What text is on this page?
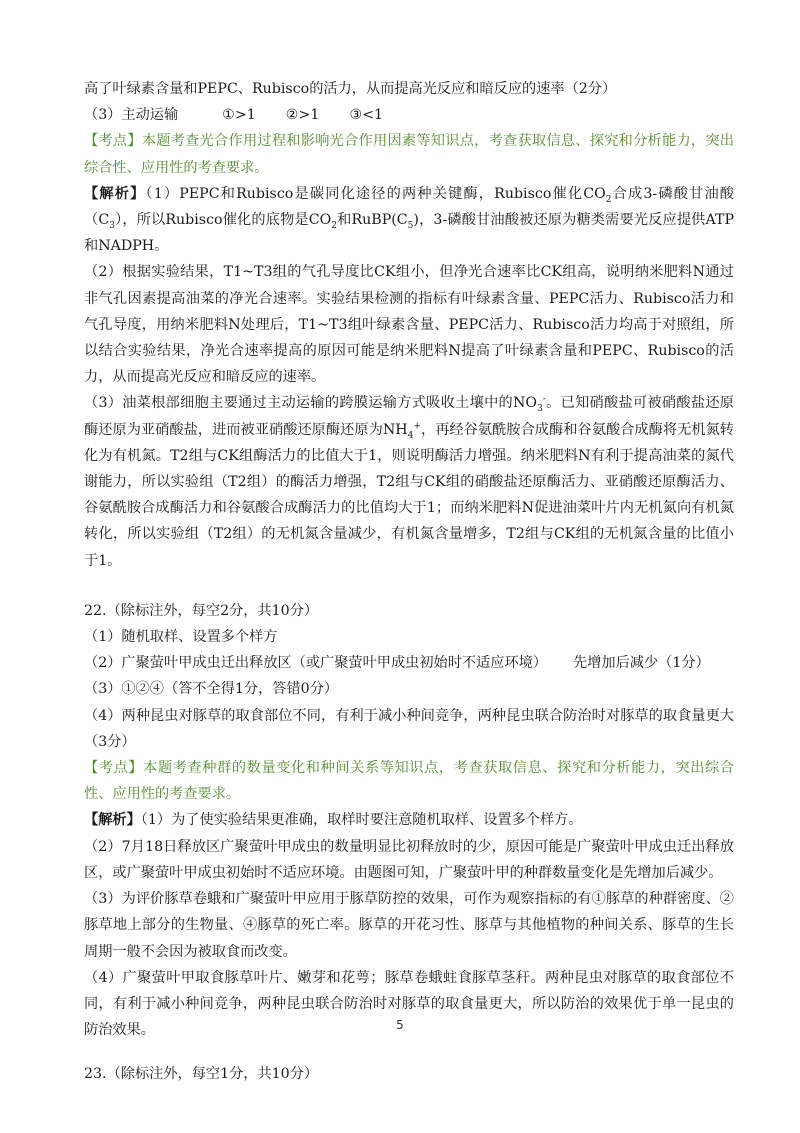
高了叶绿素含量和PEPC、Rubisco的活力，从而提高光反应和暗反应的速率（2分）

（3）主动运输	①>1 ②>1 ③<1

【考点】本题考查光合作用过程和影响光合作用因素等知识点，考查获取信息、探究和分析能力，突出综合性、应用性的考查要求。

【解析】（1）PEPC和Rubisco是碳同化途径的两种关键酶，Rubisco催化$CO_2$合成3-磷酸甘油酸$(C_3)$，所以Rubisco催化的底物是$CO_2$和$RuBP(C_5)$，3-磷酸甘油酸被还原为糖类需要光反应提供ATP和NADPH。

（2）根据实验结果，T1~T3组的气孔导度比CK组小，但净光合速率比CK组高，说明纳米肥料N通过非气孔因素提高油菜的净光合速率。实验结果检测的指标有叶绿素含量、PEPC活力、Rubisco活力和气孔导度，用纳米肥料N处理后，T1~T3组叶绿素含量、PEPC活力、Rubisco活力均高于对照组，所以结合实验结果，净光合速率提高的原因可能是纳米肥料N提高了叶绿素含量和PEPC、Rubisco的活力，从而提高光反应和暗反应的速率。

（3）油菜根部细胞主要通过主动运输的跨膜运输方式吸收土壤中的$NO_3^-$。已知硝酸盐可被硝酸盐还原酶还原为亚硝酸盐，进而被亚硝酸还原酶还原为$NH_4^+$，再经谷氨酰胺合成酶和谷氨酸合成酶将无机氮转化为有机氮。T2组与CK组酶活力的比值大于1，则说明酶活力增强。纳米肥料N有利于提高油菜的氮代谢能力，所以实验组（T2组）的酶活力增强，T2组与CK组的硝酸盐还原酶活力、亚硝酸还原酶活力、谷氨酰胺合成酶活力和谷氨酸合成酶活力的比值均大于1；而纳米肥料N促进油菜叶片内无机氮向有机氮转化，所以实验组（T2组）的无机氮含量减少，有机氮含量增多，T2组与CK组的无机氮含量的比值小于1。

22.（除标注外，每空2分，共10分）

（1）随机取样、设置多个样方

（2）广聚萤叶甲成虫迁出释放区（或广聚萤叶甲成虫初始时不适应环境） 先增加后减少（1分）

（3）①②④（答不全得1分，答错0分）

（4）两种昆虫对豚草的取食部位不同，有利于减小种间竞争，两种昆虫联合防治时对豚草的取食量更大（3分）

【考点】本题考查种群的数量变化和种间关系等知识点，考查获取信息、探究和分析能力，突出综合性、应用性的考查要求。

【解析】（1）为了使实验结果更准确，取样时要注意随机取样、设置多个样方。

（2）7月18日释放区广聚萤叶甲成虫的数量明显比初释放时的少，原因可能是广聚萤叶甲成虫迁出释放区，或广聚萤叶甲成虫初始时不适应环境。由题图可知，广聚萤叶甲的种群数量变化是先增加后减少。

（3）为评价豚草卷蛾和广聚萤叶甲应用于豚草防控的效果，可作为观察指标的有①豚草的种群密度、②豚草地上部分的生物量、④豚草的死亡率。豚草的开花习性、豚草与其他植物的种间关系、豚草的生长周期一般不会因为被取食而改变。

（4）广聚萤叶甲取食豚草叶片、嫩芽和花萼；豚草卷蛾蛀食豚草茎秆。两种昆虫对豚草的取食部位不同，有利于减小种间竞争，两种昆虫联合防治时对豚草的取食量更大，所以防治的效果优于单一昆虫的防治效果。

23.（除标注外，每空1分，共10分）

5
